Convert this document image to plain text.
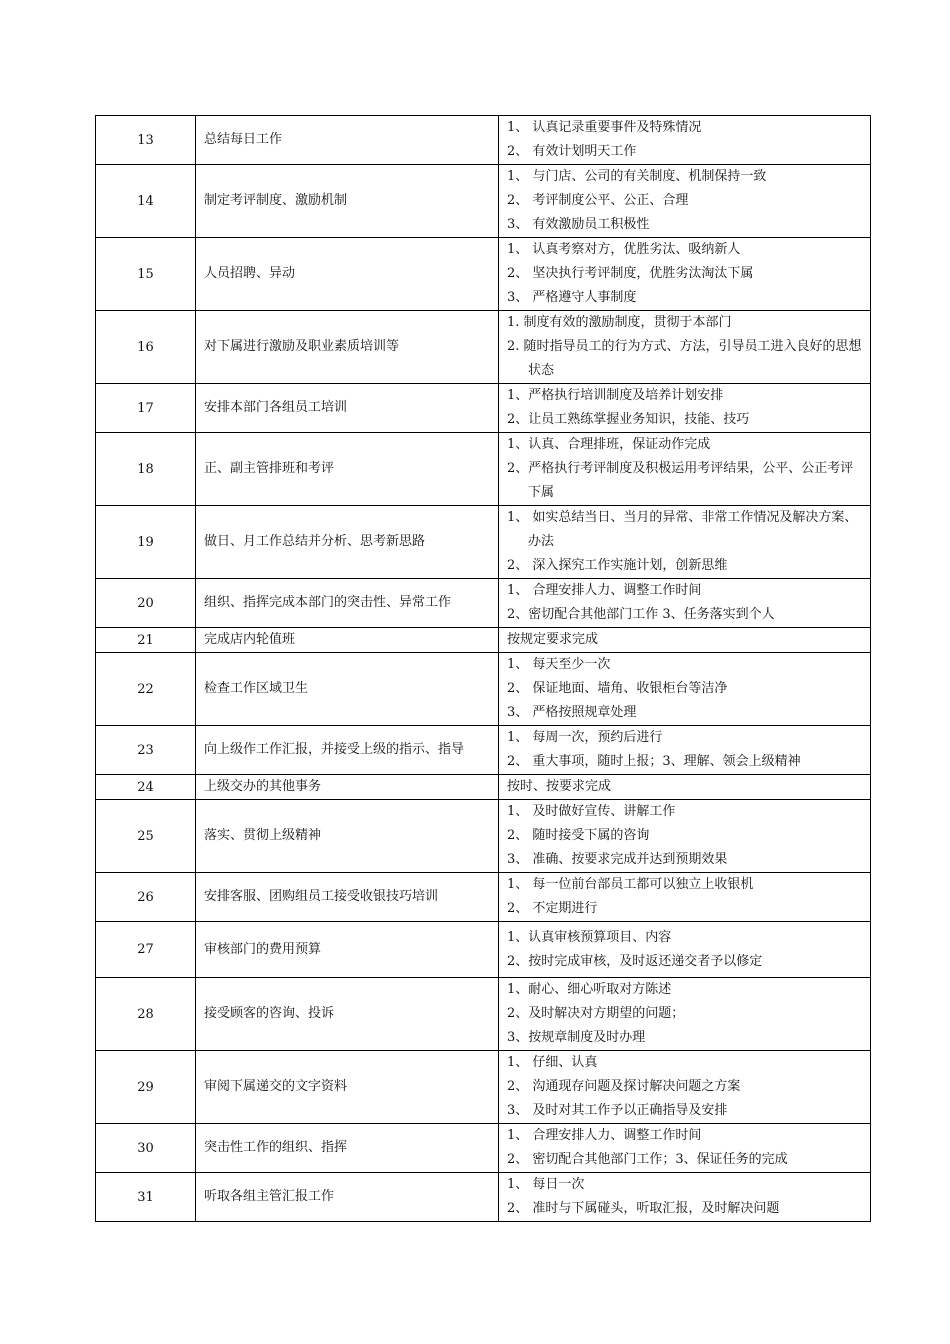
13	总结每日工作	1、 认真记录重要事件及特殊情况
2、 有效计划明天工作

14	制定考评制度、激励机制	1、 与门店、公司的有关制度、机制保持一致
2、 考评制度公平、公正、合理
3、 有效激励员工积极性

15	人员招聘、异动	1、 认真考察对方，优胜劣汰、吸纳新人
2、 坚决执行考评制度，优胜劣汰淘汰下属
3、 严格遵守人事制度

16	对下属进行激励及职业素质培训等	1. 制度有效的激励制度，贯彻于本部门
2. 随时指导员工的行为方式、方法，引导员工进入良好的思想状态

17	安排本部门各组员工培训	1、严格执行培训制度及培养计划安排
2、让员工熟练掌握业务知识，技能、技巧

18	正、副主管排班和考评	1、认真、合理排班，保证动作完成
2、严格执行考评制度及积极运用考评结果，公平、公正考评下属

19	做日、月工作总结并分析、思考新思路	1、 如实总结当日、当月的异常、非常工作情况及解决方案、办法
2、 深入探究工作实施计划，创新思维

20	组织、指挥完成本部门的突击性、异常工作	1、 合理安排人力、调整工作时间
2、密切配合其他部门工作 3、任务落实到个人

21	完成店内轮值班	按规定要求完成

22	检查工作区域卫生	1、 每天至少一次
2、 保证地面、墙角、收银柜台等洁净
3、 严格按照规章处理

23	向上级作工作汇报，并接受上级的指示、指导	1、 每周一次，预约后进行
2、 重大事项，随时上报；3、理解、领会上级精神

24	上级交办的其他事务	按时、按要求完成

25	落实、贯彻上级精神	1、 及时做好宣传、讲解工作
2、 随时接受下属的咨询
3、 准确、按要求完成并达到预期效果

26	安排客服、团购组员工接受收银技巧培训	1、 每一位前台部员工都可以独立上收银机
2、 不定期进行

27	审核部门的费用预算	1、认真审核预算项目、内容
2、按时完成审核，及时返还递交者予以修定

28	接受顾客的咨询、投诉	1、耐心、细心听取对方陈述
2、及时解决对方期望的问题；
3、按规章制度及时办理

29	审阅下属递交的文字资料	1、 仔细、认真
2、 沟通现存问题及探讨解决问题之方案
3、 及时对其工作予以正确指导及安排

30	突击性工作的组织、指挥	1、 合理安排人力、调整工作时间
2、 密切配合其他部门工作；3、保证任务的完成

31	听取各组主管汇报工作	1、 每日一次
2、 准时与下属碰头，听取汇报，及时解决问题
